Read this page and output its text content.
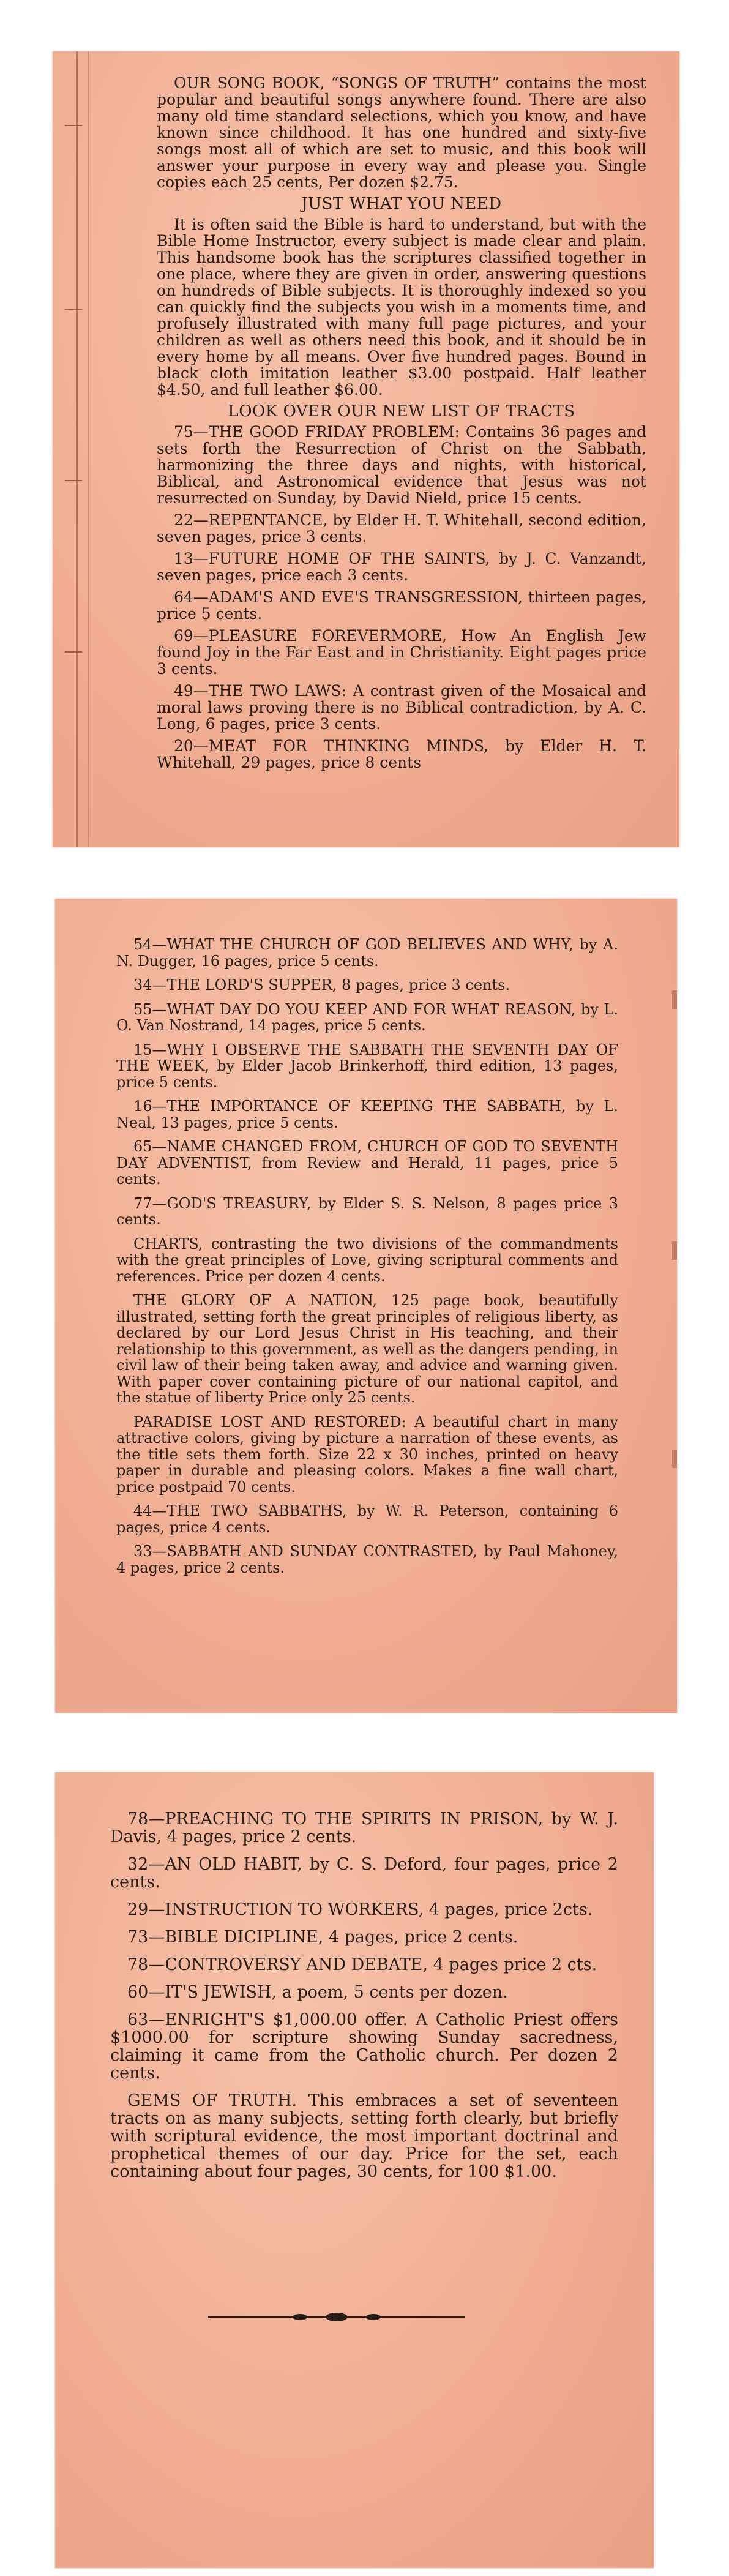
OUR SONG BOOK, “SONGS OF TRUTH” contains the most popular and beautiful songs anywhere found. There are also many old time standard selections, which you know, and have known since childhood. It has one hundred and sixty-five songs most all of which are set to music, and this book will answer your purpose in every way and please you. Single copies each 25 cents, Per dozen $2.75.

JUST WHAT YOU NEED

It is often said the Bible is hard to understand, but with the Bible Home Instructor, every subject is made clear and plain. This handsome book has the scriptures classified together in one place, where they are given in order, answering questions on hundreds of Bible subjects. It is thoroughly indexed so you can quickly find the subjects you wish in a moments time, and profusely illustrated with many full page pictures, and your children as well as others need this book, and it should be in every home by all means. Over five hundred pages. Bound in black cloth imitation leather $3.00 postpaid. Half leather $4.50, and full leather $6.00.

LOOK OVER OUR NEW LIST OF TRACTS

75—THE GOOD FRIDAY PROBLEM: Contains 36 pages and sets forth the Resurrection of Christ on the Sabbath, harmonizing the three days and nights, with historical, Biblical, and Astronomical evidence that Jesus was not resurrected on Sunday, by David Nield, price 15 cents.

22—REPENTANCE, by Elder H. T. Whitehall, second edition, seven pages, price 3 cents.

13—FUTURE HOME OF THE SAINTS, by J. C. Vanzandt, seven pages, price each 3 cents.

64—ADAM'S AND EVE'S TRANSGRESSION, thirteen pages, price 5 cents.

69—PLEASURE FOREVERMORE, How An English Jew found Joy in the Far East and in Christianity. Eight pages price 3 cents.

49—THE TWO LAWS: A contrast given of the Mosaical and moral laws proving there is no Biblical contradiction, by A. C. Long, 6 pages, price 3 cents.

20—MEAT FOR THINKING MINDS, by Elder H. T. Whitehall, 29 pages, price 8 cents

54—WHAT THE CHURCH OF GOD BELIEVES AND WHY, by A. N. Dugger, 16 pages, price 5 cents.

34—THE LORD'S SUPPER, 8 pages, price 3 cents.

55—WHAT DAY DO YOU KEEP AND FOR WHAT REASON, by L. O. Van Nostrand, 14 pages, price 5 cents.

15—WHY I OBSERVE THE SABBATH THE SEVENTH DAY OF THE WEEK, by Elder Jacob Brinkerhoff, third edition, 13 pages, price 5 cents.

16—THE IMPORTANCE OF KEEPING THE SABBATH, by L. Neal, 13 pages, price 5 cents.

65—NAME CHANGED FROM, CHURCH OF GOD TO SEVENTH DAY ADVENTIST, from Review and Herald, 11 pages, price 5 cents.

77—GOD'S TREASURY, by Elder S. S. Nelson, 8 pages price 3 cents.

CHARTS, contrasting the two divisions of the commandments with the great principles of Love, giving scriptural comments and references. Price per dozen 4 cents.

THE GLORY OF A NATION, 125 page book, beautifully illustrated, setting forth the great principles of religious liberty, as declared by our Lord Jesus Christ in His teaching, and their relationship to this government, as well as the dangers pending, in civil law of their being taken away, and advice and warning given. With paper cover containing picture of our national capitol, and the statue of liberty Price only 25 cents.

PARADISE LOST AND RESTORED: A beautiful chart in many attractive colors, giving by picture a narration of these events, as the title sets them forth. Size 22 x 30 inches, printed on heavy paper in durable and pleasing colors. Makes a fine wall chart, price postpaid 70 cents.

44—THE TWO SABBATHS, by W. R. Peterson, containing 6 pages, price 4 cents.

33—SABBATH AND SUNDAY CONTRASTED, by Paul Mahoney, 4 pages, price 2 cents.

78—PREACHING TO THE SPIRITS IN PRISON, by W. J. Davis, 4 pages, price 2 cents.

32—AN OLD HABIT, by C. S. Deford, four pages, price 2 cents.

29—INSTRUCTION TO WORKERS, 4 pages, price 2cts.

73—BIBLE DICIPLINE, 4 pages, price 2 cents.

78—CONTROVERSY AND DEBATE, 4 pages price 2 cts.

60—IT'S JEWISH, a poem, 5 cents per dozen.

63—ENRIGHT'S $1,000.00 offer. A Catholic Priest offers $1000.00 for scripture showing Sunday sacredness, claiming it came from the Catholic church. Per dozen 2 cents.

GEMS OF TRUTH. This embraces a set of seventeen tracts on as many subjects, setting forth clearly, but briefly with scriptural evidence, the most important doctrinal and prophetical themes of our day. Price for the set, each containing about four pages, 30 cents, for 100 $1.00.
